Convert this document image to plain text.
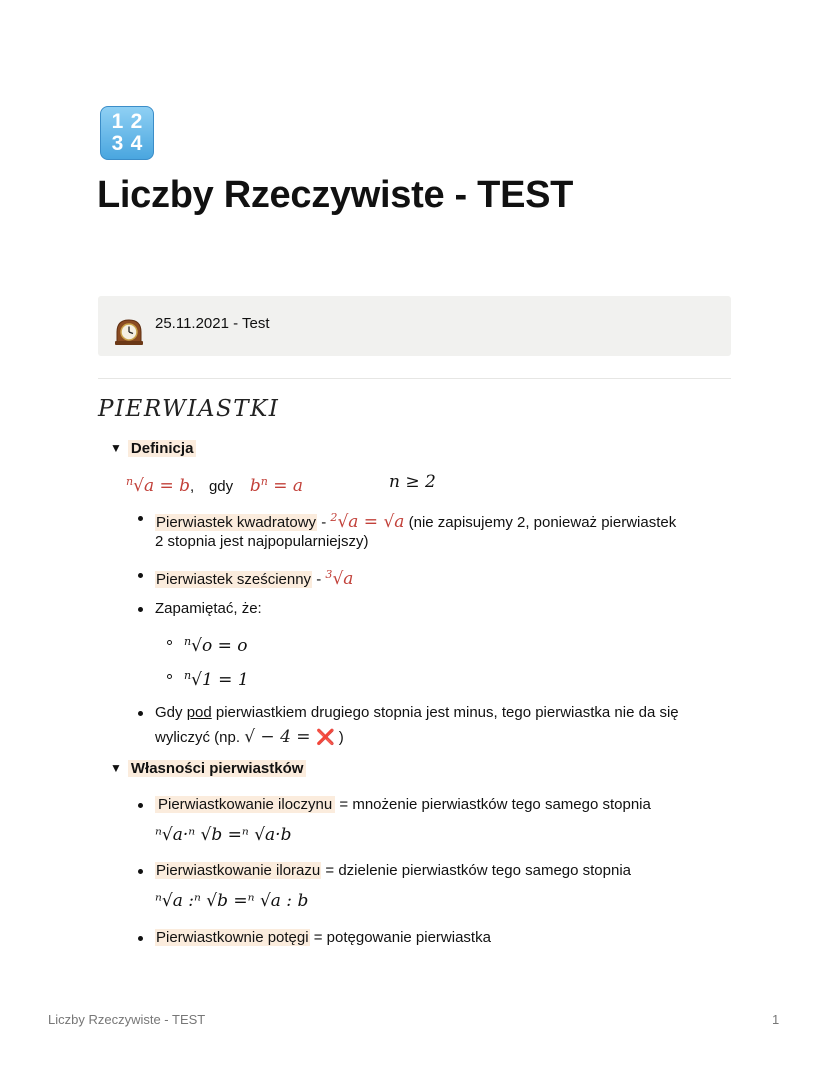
1 2
3 4
Liczby Rzeczywiste - TEST
25.11.2021 - Test
PIERWIASTKI
▼ Definicja
$^n$√a = b, gdy $b^n = a$	n ≥ 2
Pierwiastek kwadratowy - $^2$√a = √a (nie zapisujemy 2, ponieważ pierwiastek
2 stopnia jest najpopularniejszy)
Pierwiastek sześcienny - $^3$√a
Zapamiętać, że:
$^n$√o = o
$^n$√1 = 1
Gdy pod pierwiastkiem drugiego stopnia jest minus, tego pierwiastka nie da się
wyliczyć (np. √ − 4 = ❌ )
▼ Własności pierwiastków
Pierwiastkowanie iloczynu = mnożenie pierwiastków tego samego stopnia
ⁿ√a·ⁿ √b =ⁿ √a·b
Pierwiastkowanie ilorazu = dzielenie pierwiastków tego samego stopnia
ⁿ√a :ⁿ √b =ⁿ √a : b
Pierwiastkownie potęgi = potęgowanie pierwiastka
Liczby Rzeczywiste - TEST	1
